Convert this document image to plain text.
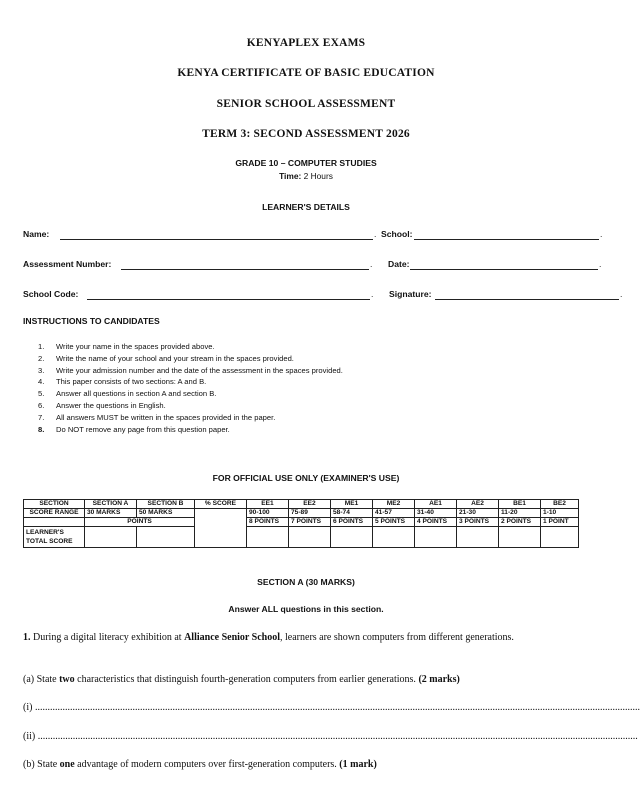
KENYAPLEX EXAMS
KENYA CERTIFICATE OF BASIC EDUCATION
SENIOR SCHOOL ASSESSMENT
TERM 3: SECOND ASSESSMENT 2026
GRADE 10 – COMPUTER STUDIES
Time: 2 Hours
LEARNER'S DETAILS
Name:	. School:	.
Assessment Number:	. Date:	.
School Code:	. Signature:	.
INSTRUCTIONS TO CANDIDATES
1. Write your name in the spaces provided above.
2. Write the name of your school and your stream in the spaces provided.
3. Write your admission number and the date of the assessment in the spaces provided.
4. This paper consists of two sections: A and B.
5. Answer all questions in section A and section B.
6. Answer the questions in English.
7. All answers MUST be written in the spaces provided in the paper.
8. Do NOT remove any page from this question paper.
FOR OFFICIAL USE ONLY (EXAMINER'S USE)
SECTION	SECTION A	SECTION B	% SCORE	EE1	EE2	ME1	ME2	AE1	AE2	BE1	BE2
SCORE RANGE	30 MARKS	50 MARKS		90-100	75-89	58-74	41-57	31-40	21-30	11-20	1-10
	POINTS			8 POINTS	7 POINTS	6 POINTS	5 POINTS	4 POINTS	3 POINTS	2 POINTS	1 POINT
LEARNER'S TOTAL SCORE											
SECTION A (30 MARKS)
Answer ALL questions in this section.
1. During a digital literacy exhibition at Alliance Senior School, learners are shown computers from different generations.
(a) State two characteristics that distinguish fourth-generation computers from earlier generations. (2 marks)
(i) ..................................................................................................................................................................................................................................................
(ii) ................................................................................................................................................................................................................................................
(b) State one advantage of modern computers over first-generation computers. (1 mark)
